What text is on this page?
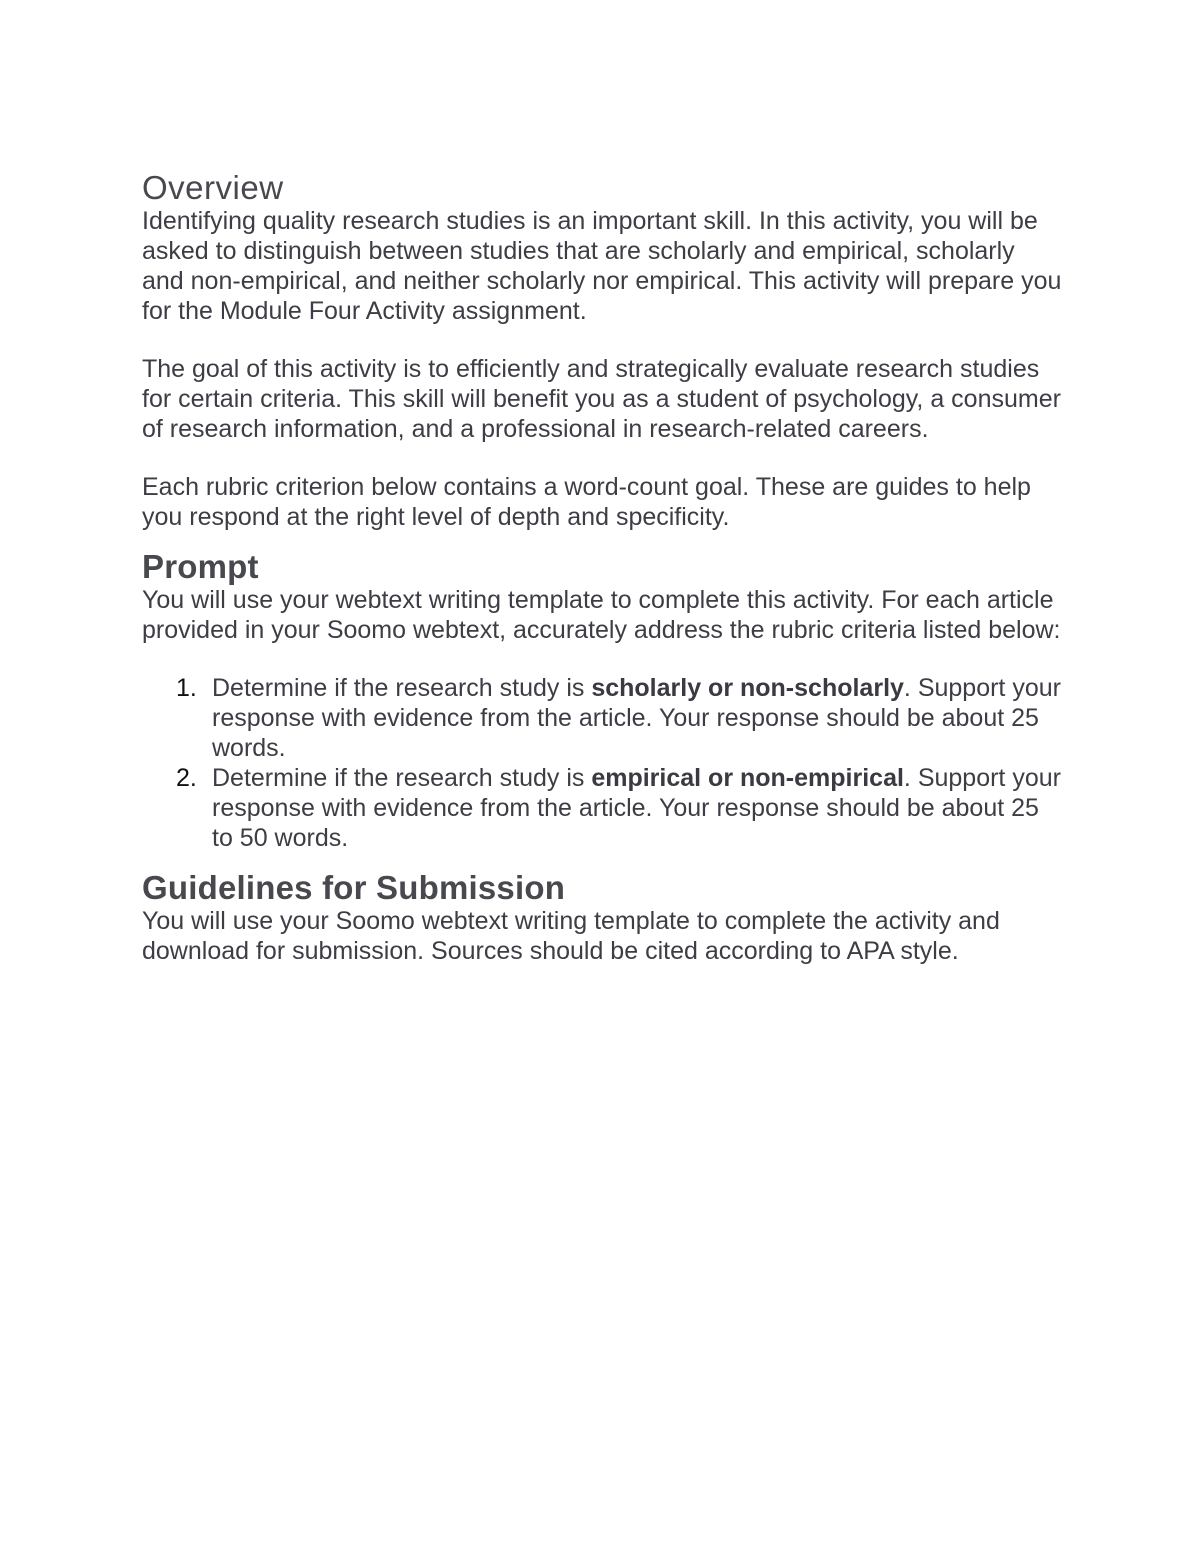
Overview

Identifying quality research studies is an important skill. In this activity, you will be asked to distinguish between studies that are scholarly and empirical, scholarly and non-empirical, and neither scholarly nor empirical. This activity will prepare you for the Module Four Activity assignment.

The goal of this activity is to efficiently and strategically evaluate research studies for certain criteria. This skill will benefit you as a student of psychology, a consumer of research information, and a professional in research-related careers.

Each rubric criterion below contains a word-count goal. These are guides to help you respond at the right level of depth and specificity.

Prompt

You will use your webtext writing template to complete this activity. For each article provided in your Soomo webtext, accurately address the rubric criteria listed below:

1. Determine if the research study is scholarly or non-scholarly. Support your response with evidence from the article. Your response should be about 25 words.
2. Determine if the research study is empirical or non-empirical. Support your response with evidence from the article. Your response should be about 25 to 50 words.
Guidelines for Submission

You will use your Soomo webtext writing template to complete the activity and download for submission. Sources should be cited according to APA style.
